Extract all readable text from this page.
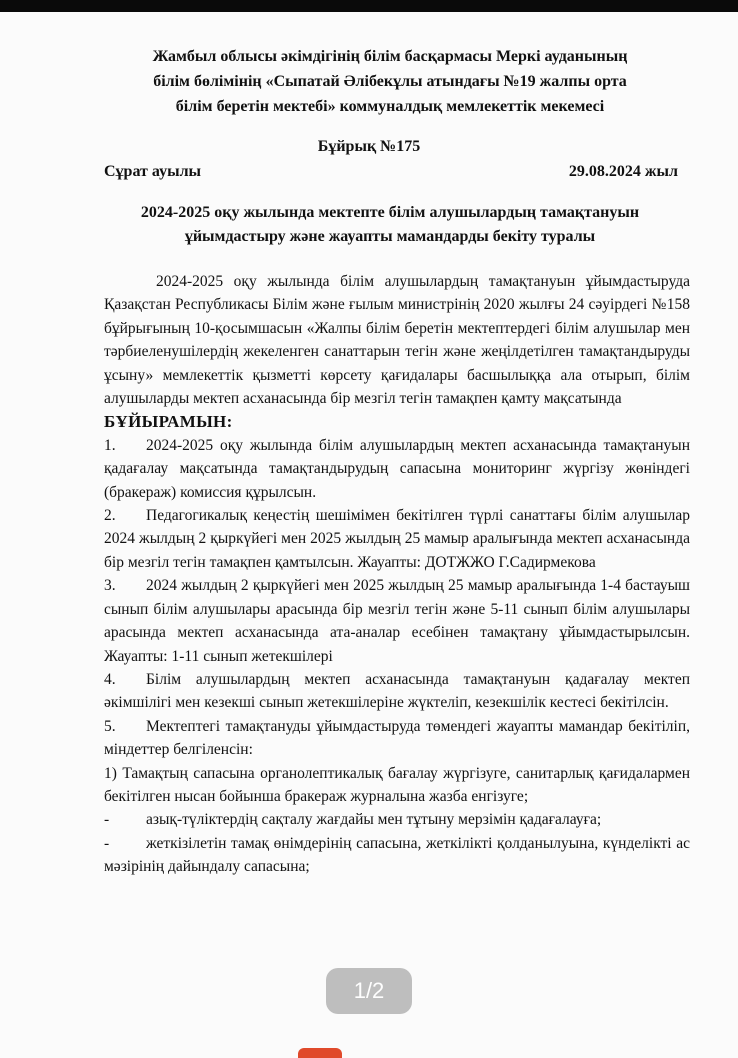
Жамбыл облысы әкімдігінің білім басқармасы Меркі ауданының
білім бөлімінің «Сыпатай Әлібекұлы атындағы №19 жалпы орта
білім беретін мектебі» коммуналдық мемлекеттік мекемесі
Бұйрық №175
Сұрат ауылы	29.08.2024 жыл
2024-2025 оқу жылында мектепте білім алушылардың тамақтануын
ұйымдастыру және жауапты мамандарды бекіту туралы

2024-2025 оқу жылында білім алушылардың тамақтануын ұйымдастыруда Қазақстан Республикасы Білім және ғылым министрінің 2020 жылғы 24 сәуірдегі №158 бұйрығының 10-қосымшасын «Жалпы білім беретін мектептердегі білім алушылар мен тәрбиеленушілердің жекеленген санаттарын тегін және жеңілдетілген тамақтандыруды ұсыну» мемлекеттік қызметті көрсету қағидалары басшылыққа ала отырып, білім алушыларды мектеп асханасында бір мезгіл тегін тамақпен қамту мақсатында

БҰЙЫРАМЫН:

1. 2024-2025 оқу жылында білім алушылардың мектеп асханасында тамақтануын қадағалау мақсатында тамақтандырудың сапасына мониторинг жүргізу жөніндегі (бракераж) комиссия құрылсын.

2. Педагогикалық кеңестің шешімімен бекітілген түрлі санаттағы білім алушылар 2024 жылдың 2 қыркүйегі мен 2025 жылдың 25 мамыр аралығында мектеп асханасында бір мезгіл тегін тамақпен қамтылсын. Жауапты: ДОТЖЖО Г.Садирмекова

3. 2024 жылдың 2 қыркүйегі мен 2025 жылдың 25 мамыр аралығында 1-4 бастауыш сынып білім алушылары арасында бір мезгіл тегін және 5-11 сынып білім алушылары арасында мектеп асханасында ата-аналар есебінен тамақтану ұйымдастырылсын. Жауапты: 1-11 сынып жетекшілері

4. Білім алушылардың мектеп асханасында тамақтануын қадағалау мектеп әкімшілігі мен кезекші сынып жетекшілеріне жүктеліп, кезекшілік кестесі бекітілсін.

5. Мектептегі тамақтануды ұйымдастыруда төмендегі жауапты мамандар бекітіліп, міндеттер белгіленсін:

1) Тамақтың сапасына органолептикалық бағалау жүргізуге, санитарлық қағидалармен бекітілген нысан бойынша бракераж журналына жазба енгізуге;

- азық-түліктердің сақталу жағдайы мен тұтыну мерзімін қадағалауға;

- жеткізілетін тамақ өнімдерінің сапасына, жеткілікті қолданылуына, күнделікті ас мәзірінің дайындалу сапасына;

1/2
